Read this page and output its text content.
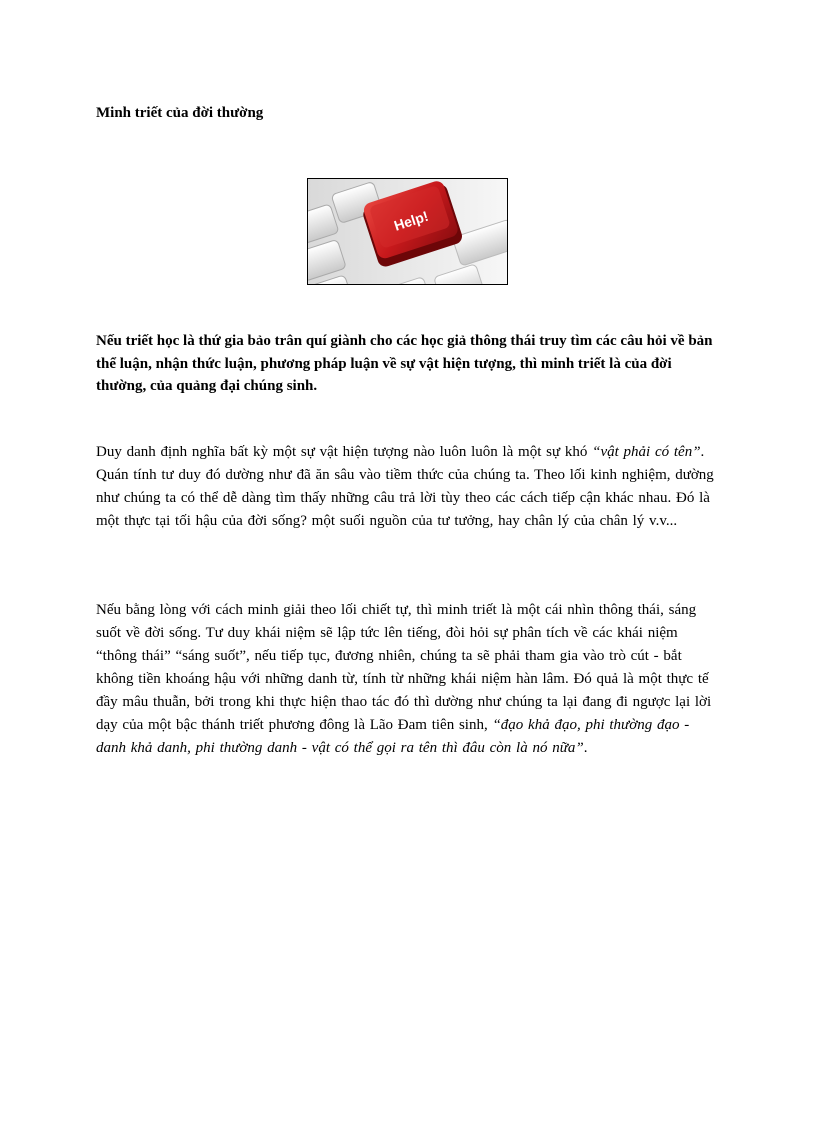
Minh triết của đời thường
Help!
Nếu triết học là thứ gia bảo trân quí giành cho các học giả thông thái truy tìm các câu hỏi về bản thể luận, nhận thức luận, phương pháp luận về sự vật hiện tượng, thì minh triết là của đời thường, của quảng đại chúng sinh.
Duy danh định nghĩa bất kỳ một sự vật hiện tượng nào luôn luôn là một sự khó “vật phải có tên”. Quán tính tư duy đó dường như đã ăn sâu vào tiềm thức của chúng ta. Theo lối kinh nghiệm, dường như chúng ta có thể dễ dàng tìm thấy những câu trả lời tùy theo các cách tiếp cận khác nhau. Đó là một thực tại tối hậu của đời sống? một suối nguồn của tư tưởng, hay chân lý của chân lý v.v...
Nếu bằng lòng với cách minh giải theo lối chiết tự, thì minh triết là một cái nhìn thông thái, sáng suốt về đời sống. Tư duy khái niệm sẽ lập tức lên tiếng, đòi hỏi sự phân tích về các khái niệm “thông thái” “sáng suốt”, nếu tiếp tục, đương nhiên, chúng ta sẽ phải tham gia vào trò cút - bắt không tiền khoáng hậu với những danh từ, tính từ những khái niệm hàn lâm. Đó quả là một thực tế đầy mâu thuẫn, bởi trong khi thực hiện thao tác đó thì dường như chúng ta lại đang đi ngược lại lời dạy của một bậc thánh triết phương đông là Lão Đam tiên sinh, “đạo khả đạo, phi thường đạo - danh khả danh, phi thường danh - vật có thể gọi ra tên thì đâu còn là nó nữa”.
